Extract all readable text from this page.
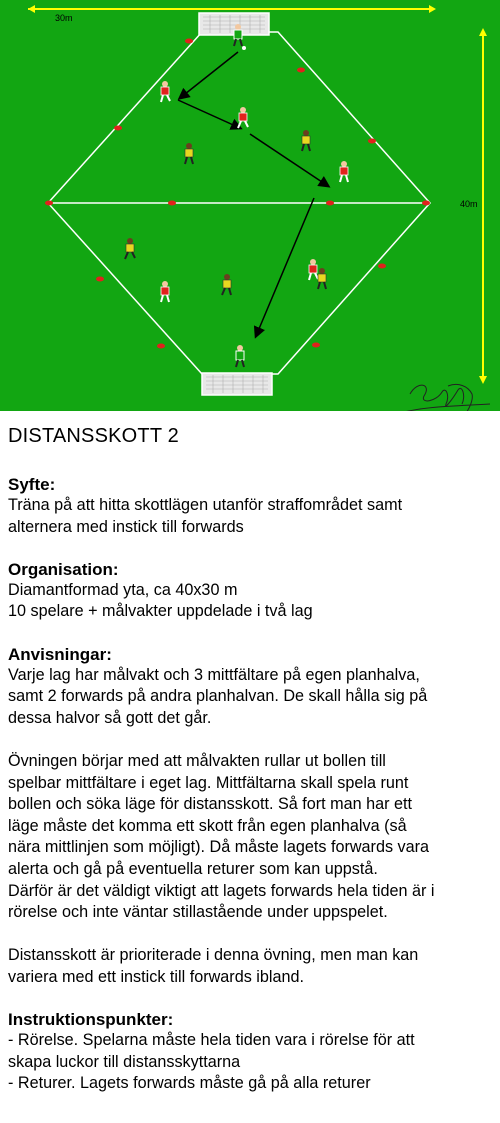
30m
40m
DISTANSSKOTT 2
Syfte:
Träna på att hitta skottlägen utanför straffområdet samt
alternera med instick till forwards
Organisation:
Diamantformad yta, ca 40x30 m
10 spelare + målvakter uppdelade i två lag
Anvisningar:
Varje lag har målvakt och 3 mittfältare på egen planhalva,
samt 2 forwards på andra planhalvan. De skall hålla sig på
dessa halvor så gott det går.
Övningen börjar med att målvakten rullar ut bollen till
spelbar mittfältare i eget lag. Mittfältarna skall spela runt
bollen och söka läge för distansskott. Så fort man har ett
läge måste det komma ett skott från egen planhalva (så
nära mittlinjen som möjligt). Då måste lagets forwards vara
alerta och gå på eventuella returer som kan uppstå.
Därför är det väldigt viktigt att lagets forwards hela tiden är i
rörelse och inte väntar stillastående under uppspelet.
Distansskott är prioriterade i denna övning, men man kan
variera med ett instick till forwards ibland.
Instruktionspunkter:
- Rörelse. Spelarna måste hela tiden vara i rörelse för att
skapa luckor till distansskyttarna
- Returer. Lagets forwards måste gå på alla returer
